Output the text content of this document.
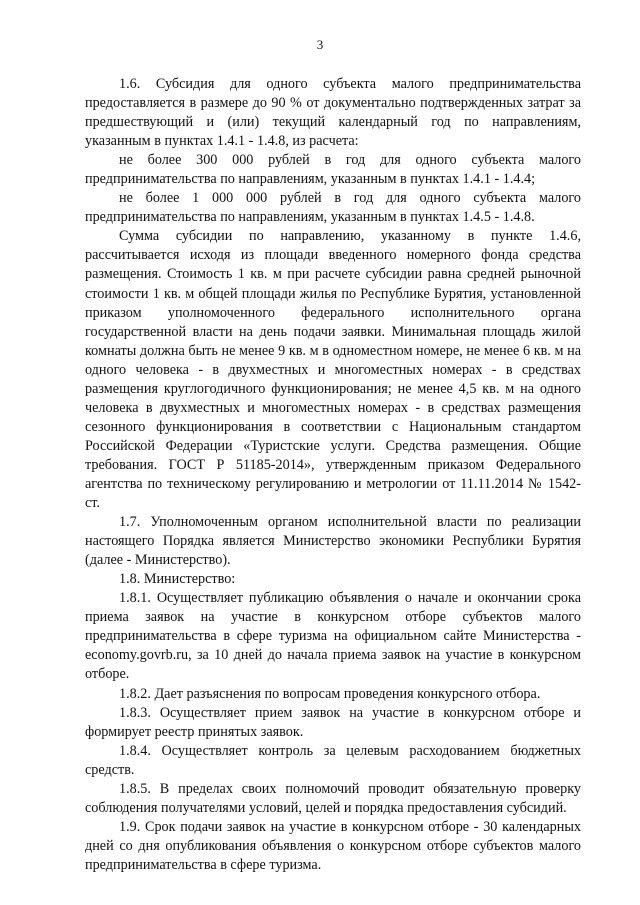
3

1.6. Субсидия для одного субъекта малого предпринимательства предоставляется в размере до 90 % от документально подтвержденных затрат за предшествующий и (или) текущий календарный год по направлениям, указанным в пунктах 1.4.1 - 1.4.8, из расчета:

не более 300 000 рублей в год для одного субъекта малого предпринимательства по направлениям, указанным в пунктах 1.4.1 - 1.4.4;

не более 1 000 000 рублей в год для одного субъекта малого предпринимательства по направлениям, указанным в пунктах 1.4.5 - 1.4.8.

Сумма субсидии по направлению, указанному в пункте 1.4.6, рассчитывается исходя из площади введенного номерного фонда средства размещения. Стоимость 1 кв. м при расчете субсидии равна средней рыночной стоимости 1 кв. м общей площади жилья по Республике Бурятия, установленной приказом уполномоченного федерального исполнительного органа государственной власти на день подачи заявки. Минимальная площадь жилой комнаты должна быть не менее 9 кв. м в одноместном номере, не менее 6 кв. м на одного человека - в двухместных и многоместных номерах - в средствах размещения круглогодичного функционирования; не менее 4,5 кв. м на одного человека в двухместных и многоместных номерах - в средствах размещения сезонного функционирования в соответствии с Национальным стандартом Российской Федерации «Туристские услуги. Средства размещения. Общие требования. ГОСТ Р 51185-2014», утвержденным приказом Федерального агентства по техническому регулированию и метрологии от 11.11.2014 № 1542-ст.

1.7. Уполномоченным органом исполнительной власти по реализации настоящего Порядка является Министерство экономики Республики Бурятия (далее - Министерство).

1.8. Министерство:

1.8.1. Осуществляет публикацию объявления о начале и окончании срока приема заявок на участие в конкурсном отборе субъектов малого предпринимательства в сфере туризма на официальном сайте Министерства - economy.govrb.ru, за 10 дней до начала приема заявок на участие в конкурсном отборе.

1.8.2. Дает разъяснения по вопросам проведения конкурсного отбора.

1.8.3. Осуществляет прием заявок на участие в конкурсном отборе и формирует реестр принятых заявок.

1.8.4. Осуществляет контроль за целевым расходованием бюджетных средств.

1.8.5. В пределах своих полномочий проводит обязательную проверку соблюдения получателями условий, целей и порядка предоставления субсидий.

1.9. Срок подачи заявок на участие в конкурсном отборе - 30 календарных дней со дня опубликования объявления о конкурсном отборе субъектов малого предпринимательства в сфере туризма.
